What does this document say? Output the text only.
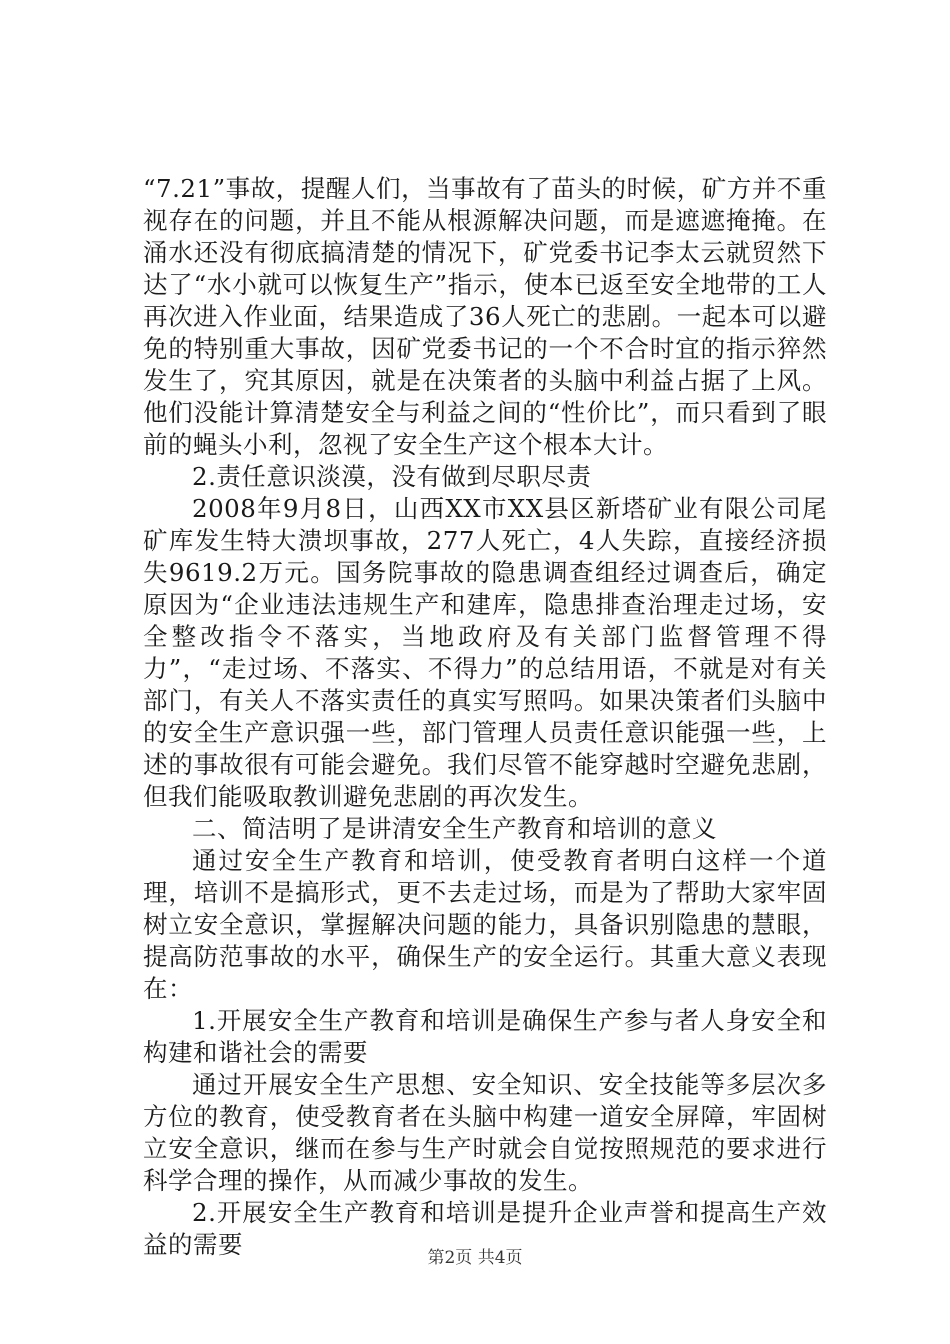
“7.21”事故，提醒人们，当事故有了苗头的时候，矿方并不重视存在的问题，并且不能从根源解决问题，而是遮遮掩掩。在涌水还没有彻底搞清楚的情况下，矿党委书记李太云就贸然下达了“水小就可以恢复生产”指示，使本已返至安全地带的工人再次进入作业面，结果造成了36人死亡的悲剧。一起本可以避免的特别重大事故，因矿党委书记的一个不合时宜的指示猝然发生了，究其原因，就是在决策者的头脑中利益占据了上风。他们没能计算清楚安全与利益之间的“性价比”，而只看到了眼前的蝇头小利，忽视了安全生产这个根本大计。

2.责任意识淡漠，没有做到尽职尽责

2008年9月8日，山西XX市XX县区新塔矿业有限公司尾矿库发生特大溃坝事故，277人死亡，4人失踪，直接经济损失9619.2万元。国务院事故的隐患调查组经过调查后，确定原因为“企业违法违规生产和建库，隐患排查治理走过场，安全整改指令不落实，当地政府及有关部门监督管理不得力”，“走过场、不落实、不得力”的总结用语，不就是对有关部门，有关人不落实责任的真实写照吗。如果决策者们头脑中的安全生产意识强一些，部门管理人员责任意识能强一些，上述的事故很有可能会避免。我们尽管不能穿越时空避免悲剧，但我们能吸取教训避免悲剧的再次发生。

二、简洁明了是讲清安全生产教育和培训的意义

通过安全生产教育和培训，使受教育者明白这样一个道理，培训不是搞形式，更不去走过场，而是为了帮助大家牢固树立安全意识，掌握解决问题的能力，具备识别隐患的慧眼，提高防范事故的水平，确保生产的安全运行。其重大意义表现在：

1.开展安全生产教育和培训是确保生产参与者人身安全和构建和谐社会的需要

通过开展安全生产思想、安全知识、安全技能等多层次多方位的教育，使受教育者在头脑中构建一道安全屏障，牢固树立安全意识，继而在参与生产时就会自觉按照规范的要求进行科学合理的操作，从而减少事故的发生。

2.开展安全生产教育和培训是提升企业声誉和提高生产效益的需要	第2页 共4页
